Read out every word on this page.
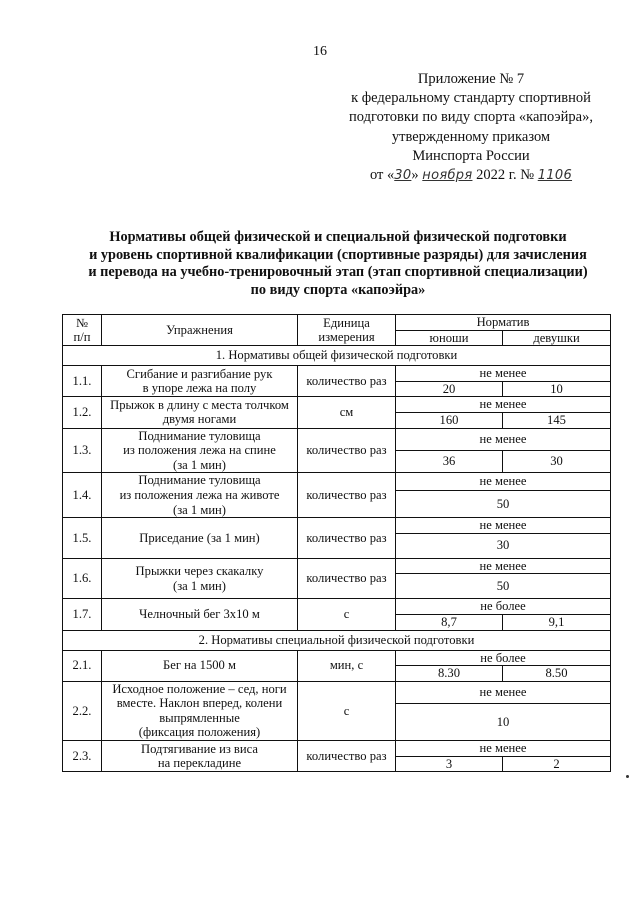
16
Приложение № 7
к федеральному стандарту спортивной
подготовки по виду спорта «капоэйра»,
утвержденному приказом
Минспорта России
от «30» ноября 2022 г. № 1106
Нормативы общей физической и специальной физической подготовки
и уровень спортивной квалификации (спортивные разряды) для зачисления
и перевода на учебно-тренировочный этап (этап спортивной специализации)
по виду спорта «капоэйра»
№
п/п	Упражнения	Единица
измерения	Норматив	
			юноши	девушки
1. Нормативы общей физической подготовки				
1.1.	Сгибание и разгибание рук
в упоре лежа на полу	количество раз	не менее	
			20	10
1.2.	Прыжок в длину с места толчком
двумя ногами	см	не менее	
			160	145
1.3.	Поднимание туловища
из положения лежа на спине
(за 1 мин)	количество раз	не менее	
			36	30
1.4.	Поднимание туловища
из положения лежа на животе
(за 1 мин)	количество раз	не менее	
			50	
1.5.	Приседание (за 1 мин)	количество раз	не менее	
			30	
1.6.	Прыжки через скакалку
(за 1 мин)	количество раз	не менее	
			50	
1.7.	Челночный бег 3х10 м	с	не более	
			8,7	9,1
2. Нормативы специальной физической подготовки				
2.1.	Бег на 1500 м	мин, с	не более	
			8.30	8.50
2.2.	Исходное положение – сед, ноги
вместе. Наклон вперед, колени
выпрямленные
(фиксация положения)	с	не менее	
			10	
2.3.	Подтягивание из виса
на перекладине	количество раз	не менее	
			3	2
